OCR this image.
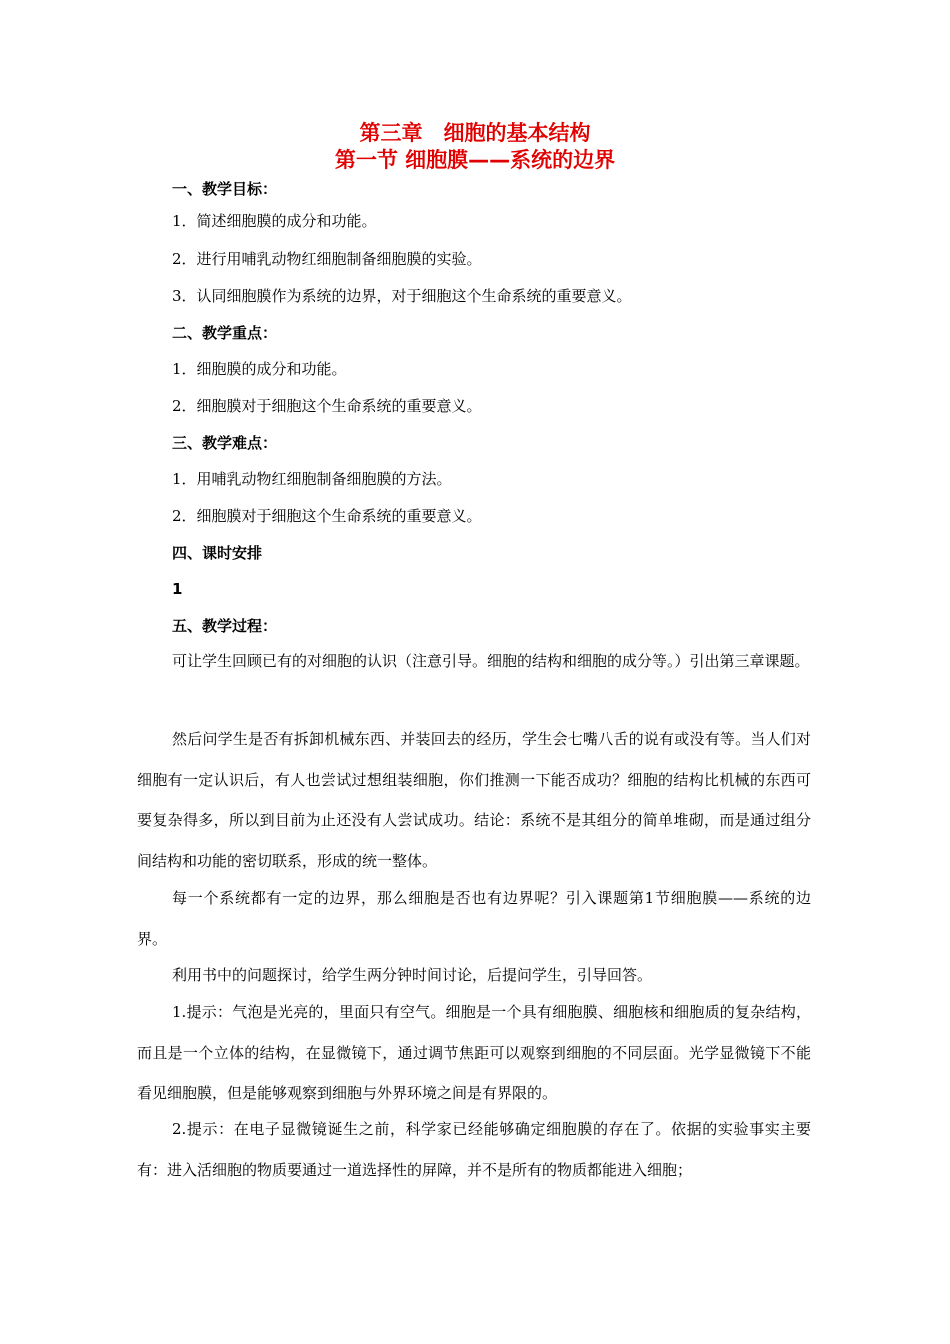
第三章　细胞的基本结构
第一节 细胞膜——系统的边界
一、教学目标：
1．简述细胞膜的成分和功能。
2．进行用哺乳动物红细胞制备细胞膜的实验。
3．认同细胞膜作为系统的边界，对于细胞这个生命系统的重要意义。
二、教学重点：
1．细胞膜的成分和功能。
2．细胞膜对于细胞这个生命系统的重要意义。
三、教学难点：
1．用哺乳动物红细胞制备细胞膜的方法。
2．细胞膜对于细胞这个生命系统的重要意义。
四、课时安排
1
五、教学过程：

可让学生回顾已有的对细胞的认识（注意引导。细胞的结构和细胞的成分等。）引出第三章课题。

然后问学生是否有拆卸机械东西、并装回去的经历，学生会七嘴八舌的说有或没有等。当人们对细胞有一定认识后，有人也尝试过想组装细胞，你们推测一下能否成功？细胞的结构比机械的东西可要复杂得多，所以到目前为止还没有人尝试成功。结论：系统不是其组分的简单堆砌，而是通过组分间结构和功能的密切联系，形成的统一整体。

每一个系统都有一定的边界，那么细胞是否也有边界呢？引入课题第1节细胞膜——系统的边界。

利用书中的问题探讨，给学生两分钟时间讨论，后提问学生，引导回答。

1.提示：气泡是光亮的，里面只有空气。细胞是一个具有细胞膜、细胞核和细胞质的复杂结构，而且是一个立体的结构，在显微镜下，通过调节焦距可以观察到细胞的不同层面。光学显微镜下不能看见细胞膜，但是能够观察到细胞与外界环境之间是有界限的。

2.提示：在电子显微镜诞生之前，科学家已经能够确定细胞膜的存在了。依据的实验事实主要有：进入活细胞的物质要通过一道选择性的屏障，并不是所有的物质都能进入细胞；
